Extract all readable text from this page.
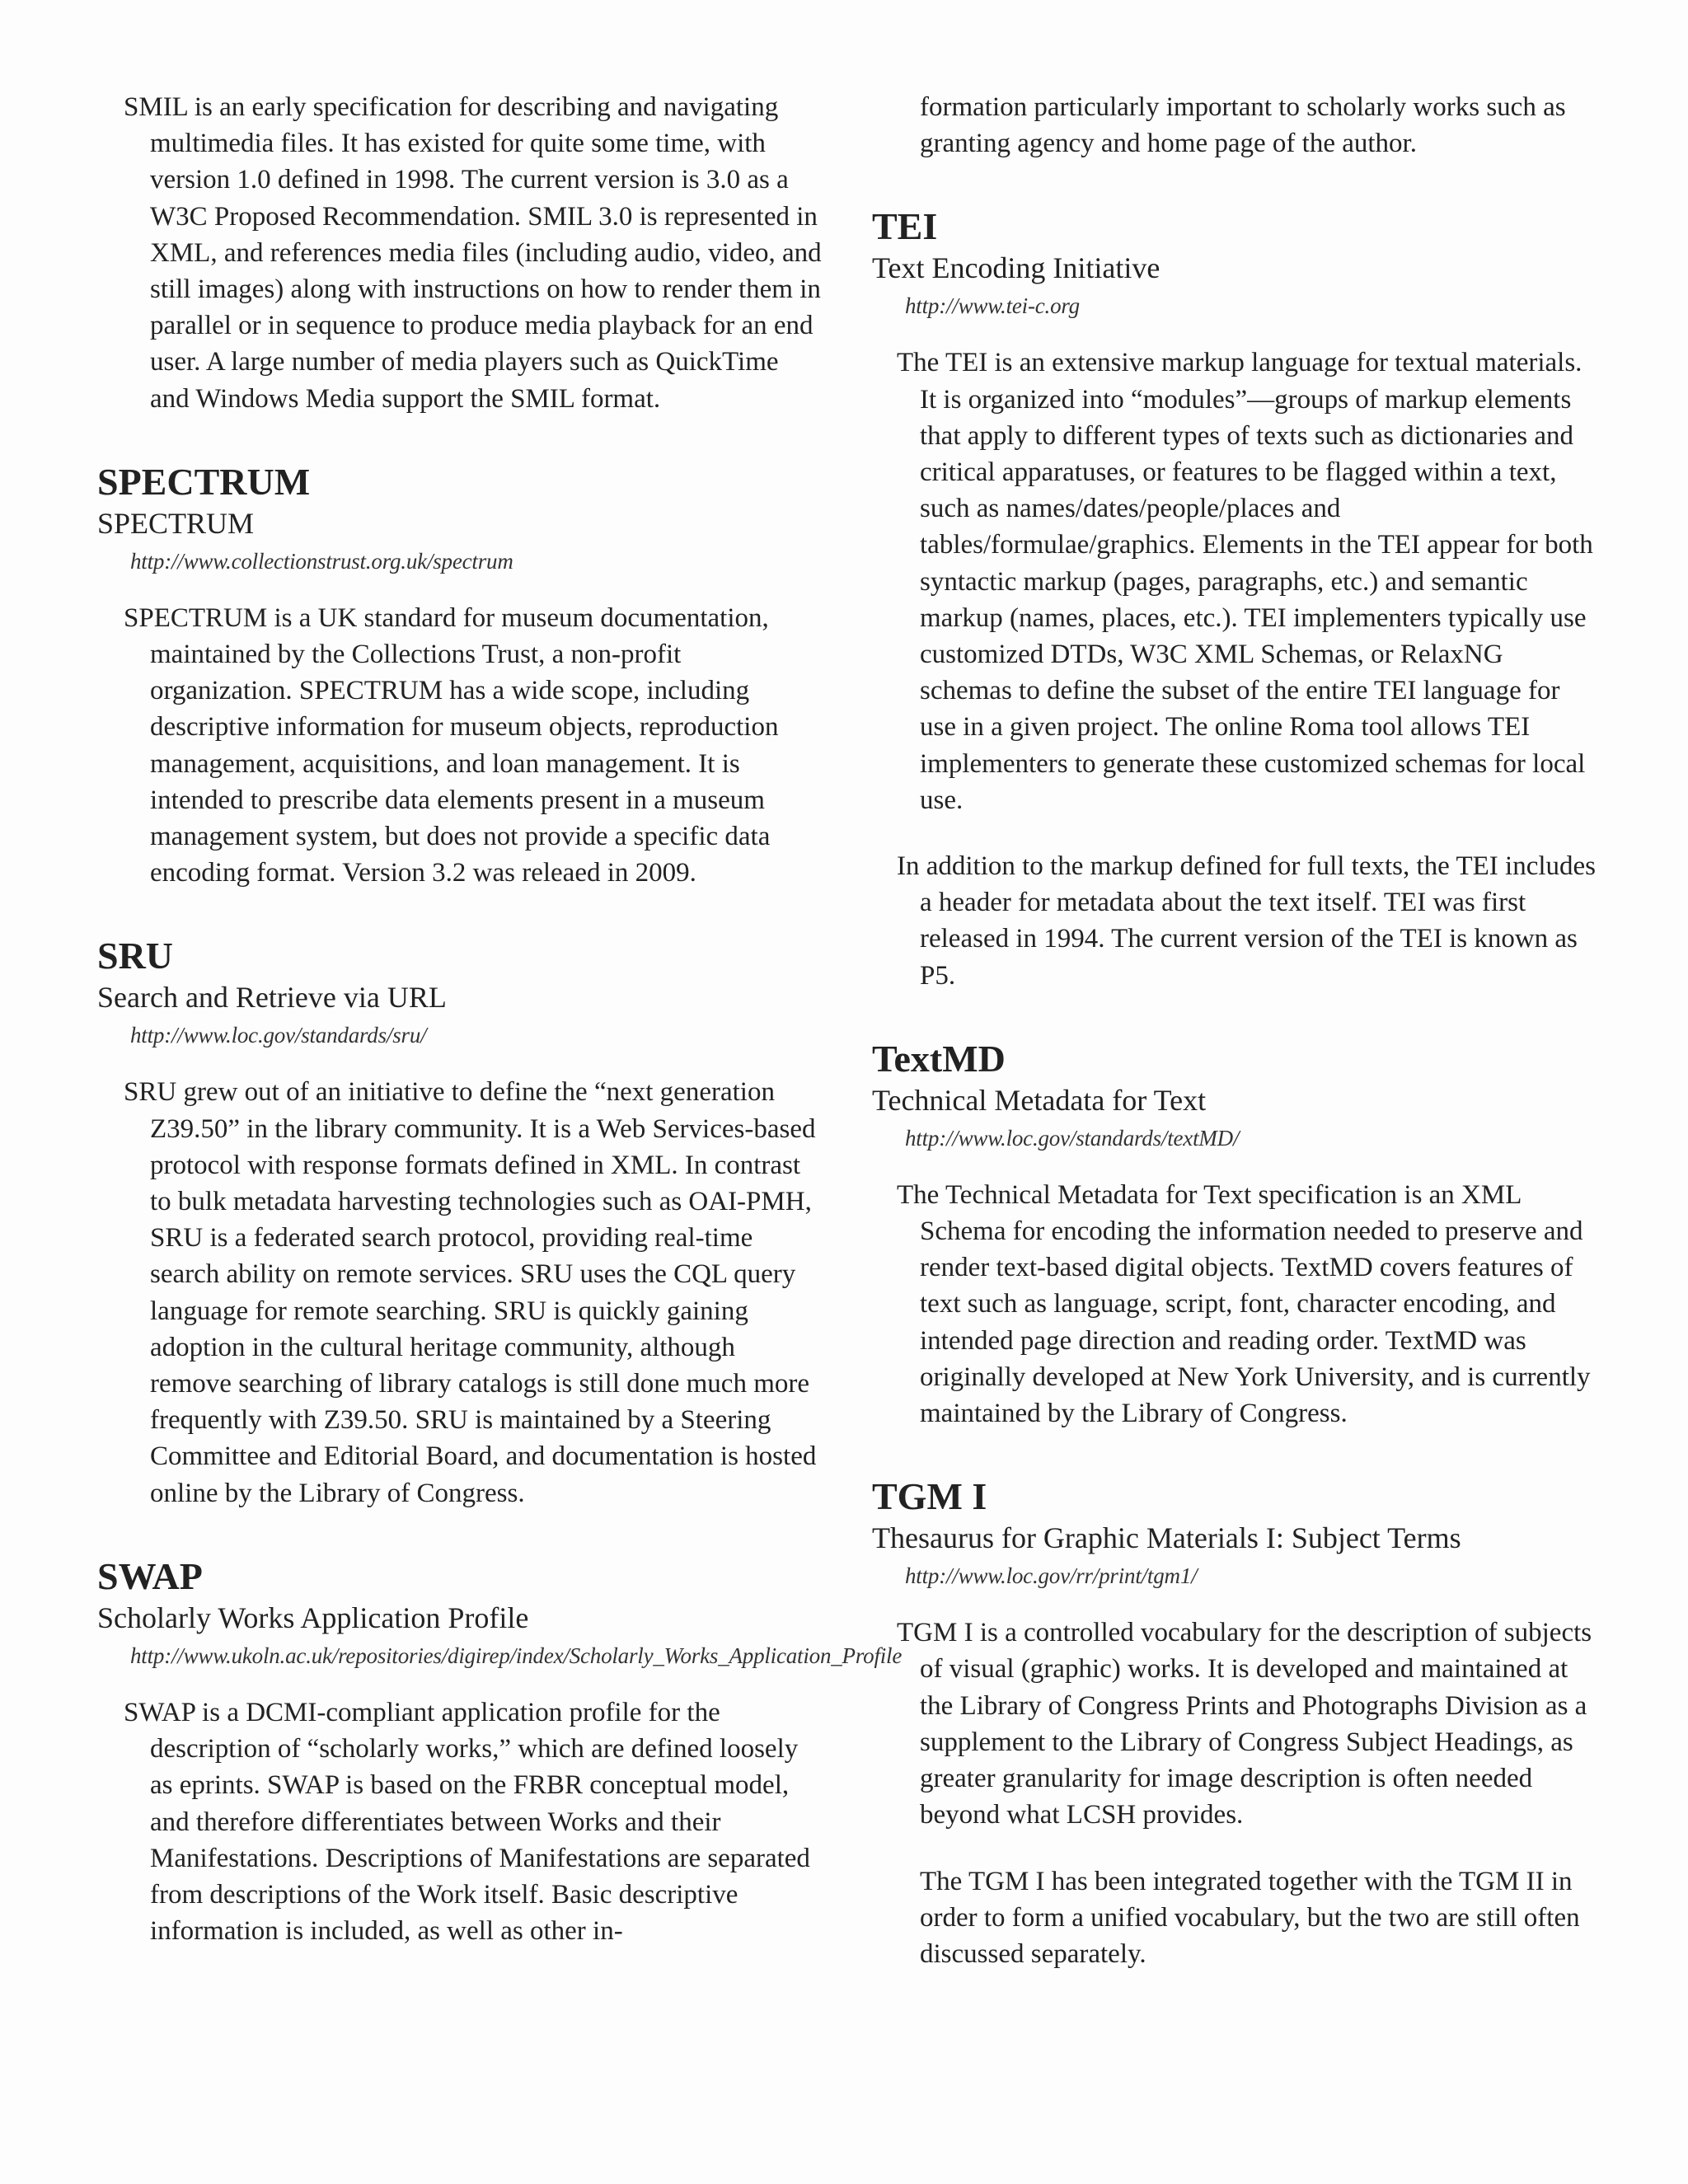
SMIL is an early specification for describing and navigating multimedia files. It has existed for quite some time, with version 1.0 defined in 1998. The current version is 3.0 as a W3C Proposed Recommendation. SMIL 3.0 is represented in XML, and references media files (including audio, video, and still images) along with instructions on how to render them in parallel or in sequence to produce media playback for an end user. A large number of media players such as QuickTime and Windows Media support the SMIL format.

SPECTRUM
SPECTRUM
http://www.collectionstrust.org.uk/spectrum

SPECTRUM is a UK standard for museum documentation, maintained by the Collections Trust, a non-profit organization. SPECTRUM has a wide scope, including descriptive information for museum objects, reproduction management, acquisitions, and loan management. It is intended to prescribe data elements present in a museum management system, but does not provide a specific data encoding format. Version 3.2 was releaed in 2009.

SRU
Search and Retrieve via URL
http://www.loc.gov/standards/sru/

SRU grew out of an initiative to define the “next generation Z39.50” in the library community. It is a Web Services-based protocol with response formats defined in XML. In contrast to bulk metadata harvesting technologies such as OAI-PMH, SRU is a federated search protocol, providing real-time search ability on remote services. SRU uses the CQL query language for remote searching. SRU is quickly gaining adoption in the cultural heritage community, although remove searching of library catalogs is still done much more frequently with Z39.50. SRU is maintained by a Steering Committee and Editorial Board, and documentation is hosted online by the Library of Congress.

SWAP
Scholarly Works Application Profile
http://www.ukoln.ac.uk/repositories/digirep/index/Scholarly_Works_Application_Profile

SWAP is a DCMI-compliant application profile for the description of “scholarly works,” which are defined loosely as eprints. SWAP is based on the FRBR conceptual model, and therefore differentiates between Works and their Manifestations. Descriptions of Manifestations are separated from descriptions of the Work itself. Basic descriptive information is included, as well as other in-

formation particularly important to scholarly works such as granting agency and home page of the author.

TEI
Text Encoding Initiative
http://www.tei-c.org

The TEI is an extensive markup language for textual materials. It is organized into “modules”—groups of markup elements that apply to different types of texts such as dictionaries and critical apparatuses, or features to be flagged within a text, such as names/dates/people/places and tables/formulae/graphics. Elements in the TEI appear for both syntactic markup (pages, paragraphs, etc.) and semantic markup (names, places, etc.). TEI implementers typically use customized DTDs, W3C XML Schemas, or RelaxNG schemas to define the subset of the entire TEI language for use in a given project. The online Roma tool allows TEI implementers to generate these customized schemas for local use.

In addition to the markup defined for full texts, the TEI includes a header for metadata about the text itself. TEI was first released in 1994. The current version of the TEI is known as P5.

TextMD
Technical Metadata for Text
http://www.loc.gov/standards/textMD/

The Technical Metadata for Text specification is an XML Schema for encoding the information needed to preserve and render text-based digital objects. TextMD covers features of text such as language, script, font, character encoding, and intended page direction and reading order. TextMD was originally developed at New York University, and is currently maintained by the Library of Congress.

TGM I
Thesaurus for Graphic Materials I: Subject Terms
http://www.loc.gov/rr/print/tgm1/

TGM I is a controlled vocabulary for the description of subjects of visual (graphic) works. It is developed and maintained at the Library of Congress Prints and Photographs Division as a supplement to the Library of Congress Subject Headings, as greater granularity for image description is often needed beyond what LCSH provides.

The TGM I has been integrated together with the TGM II in order to form a unified vocabulary, but the two are still often discussed separately.
